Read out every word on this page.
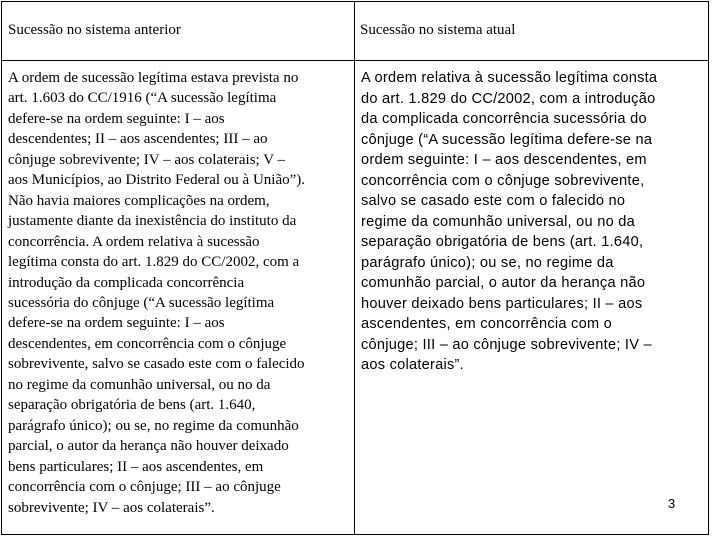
Sucessão no sistema anterior	Sucessão no sistema atual
A ordem de sucessão legítima estava prevista no
art. 1.603 do CC/1916 (“A sucessão legítima
defere-se na ordem seguinte: I – aos
descendentes; II – aos ascendentes; III – ao
cônjuge sobrevivente; IV – aos colaterais; V –
aos Municípios, ao Distrito Federal ou à União”).
Não havia maiores complicações na ordem,
justamente diante da inexistência do instituto da
concorrência. A ordem relativa à sucessão
legítima consta do art. 1.829 do CC/2002, com a
introdução da complicada concorrência
sucessória do cônjuge (“A sucessão legítima
defere-se na ordem seguinte: I – aos
descendentes, em concorrência com o cônjuge
sobrevivente, salvo se casado este com o falecido
no regime da comunhão universal, ou no da
separação obrigatória de bens (art. 1.640,
parágrafo único); ou se, no regime da comunhão
parcial, o autor da herança não houver deixado
bens particulares; II – aos ascendentes, em
concorrência com o cônjuge; III – ao cônjuge
sobrevivente; IV – aos colaterais”.
A ordem relativa à sucessão legítima consta
do art. 1.829 do CC/2002, com a introdução
da complicada concorrência sucessória do
cônjuge (“A sucessão legítima defere-se na
ordem seguinte: I – aos descendentes, em
concorrência com o cônjuge sobrevivente,
salvo se casado este com o falecido no
regime da comunhão universal, ou no da
separação obrigatória de bens (art. 1.640,
parágrafo único); ou se, no regime da
comunhão parcial, o autor da herança não
houver deixado bens particulares; II – aos
ascendentes, em concorrência com o
cônjuge; III – ao cônjuge sobrevivente; IV –
aos colaterais”.
3
